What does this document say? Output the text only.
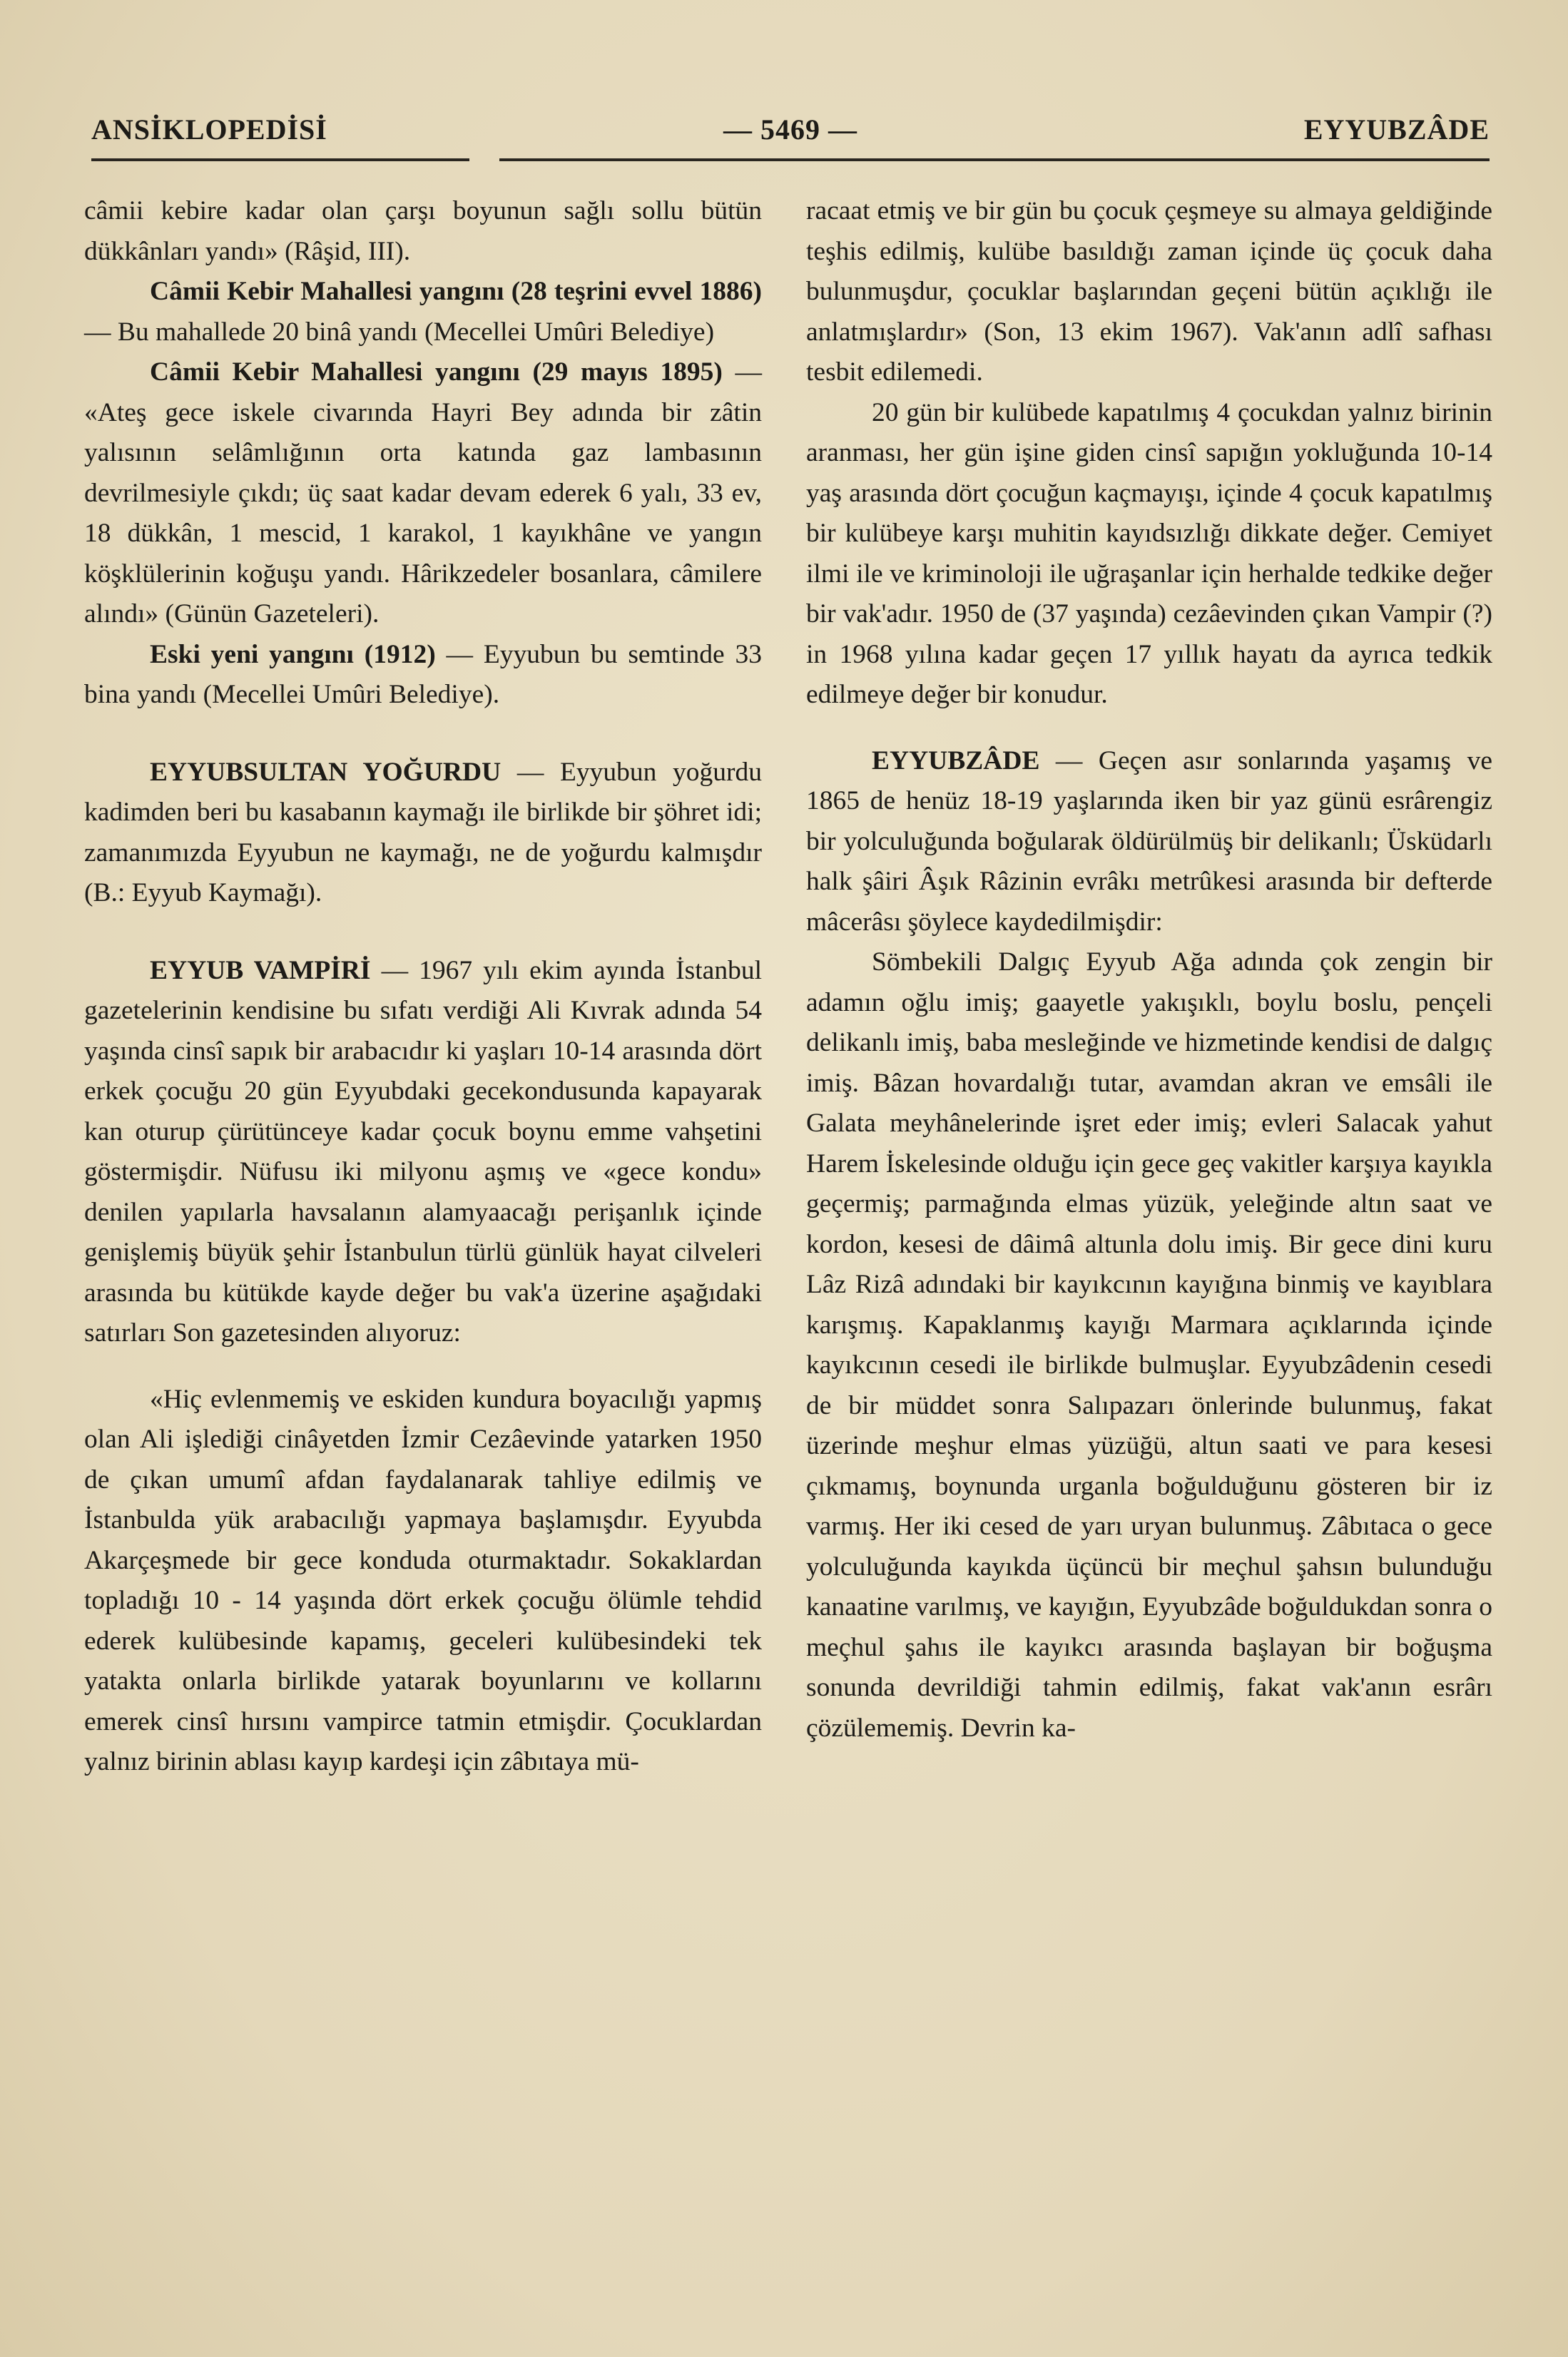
ANSİKLOPEDİSİ	— 5469 —	EYYUBZÂDE

câmii kebire kadar olan çarşı boyunun sağlı sollu bütün dükkânları yandı» (Râşid, III).

Câmii Kebir Mahallesi yangını (28 teşrini evvel 1886) — Bu mahallede 20 binâ yandı (Mecellei Umûri Belediye)

Câmii Kebir Mahallesi yangını (29 mayıs 1895) — «Ateş gece iskele civarında Hayri Bey adında bir zâtin yalısının selâmlığının orta katında gaz lambasının devrilmesiyle çıkdı; üç saat kadar devam ederek 6 yalı, 33 ev, 18 dükkân, 1 mescid, 1 karakol, 1 kayıkhâne ve yangın köşklülerinin koğuşu yandı. Hârikzedeler bosanlara, câmilere alındı» (Günün Gazeteleri).

Eski yeni yangını (1912) — Eyyubun bu semtinde 33 bina yandı (Mecellei Umûri Belediye).

EYYUBSULTAN YOĞURDU — Eyyubun yoğurdu kadimden beri bu kasabanın kaymağı ile birlikde bir şöhret idi; zamanımızda Eyyubun ne kaymağı, ne de yoğurdu kalmışdır (B.: Eyyub Kaymağı).

EYYUB VAMPİRİ — 1967 yılı ekim ayında İstanbul gazetelerinin kendisine bu sıfatı verdiği Ali Kıvrak adında 54 yaşında cinsî sapık bir arabacıdır ki yaşları 10-14 arasında dört erkek çocuğu 20 gün Eyyubdaki gecekondusunda kapayarak kan oturup çürütünceye kadar çocuk boynu emme vahşetini göstermişdir. Nüfusu iki milyonu aşmış ve «gece kondu» denilen yapılarla havsalanın alamyaacağı perişanlık içinde genişlemiş büyük şehir İstanbulun türlü günlük hayat cilveleri arasında bu kütükde kayde değer bu vak'a üzerine aşağıdaki satırları Son gazetesinden alıyoruz:

«Hiç evlenmemiş ve eskiden kundura boyacılığı yapmış olan Ali işlediği cinâyetden İzmir Cezâevinde yatarken 1950 de çıkan umumî afdan faydalanarak tahliye edilmiş ve İstanbulda yük arabacılığı yapmaya başlamışdır. Eyyubda Akarçeşmede bir gece konduda oturmaktadır. Sokaklardan topladığı 10 - 14 yaşında dört erkek çocuğu ölümle tehdid ederek kulübesinde kapamış, geceleri kulübesindeki tek yatakta onlarla birlikde yatarak boyunlarını ve kollarını emerek cinsî hırsını vampirce tatmin etmişdir. Çocuklardan yalnız birinin ablası kayıp kardeşi için zâbıtaya mü-

racaat etmiş ve bir gün bu çocuk çeşmeye su almaya geldiğinde teşhis edilmiş, kulübe basıldığı zaman içinde üç çocuk daha bulunmuşdur, çocuklar başlarından geçeni bütün açıklığı ile anlatmışlardır» (Son, 13 ekim 1967). Vak'anın adlî safhası tesbit edilemedi.

20 gün bir kulübede kapatılmış 4 çocukdan yalnız birinin aranması, her gün işine giden cinsî sapığın yokluğunda 10-14 yaş arasında dört çocuğun kaçmayışı, içinde 4 çocuk kapatılmış bir kulübeye karşı muhitin kayıdsızlığı dikkate değer. Cemiyet ilmi ile ve kriminoloji ile uğraşanlar için herhalde tedkike değer bir vak'adır. 1950 de (37 yaşında) cezâevinden çıkan Vampir (?) in 1968 yılına kadar geçen 17 yıllık hayatı da ayrıca tedkik edilmeye değer bir konudur.

EYYUBZÂDE — Geçen asır sonlarında yaşamış ve 1865 de henüz 18-19 yaşlarında iken bir yaz günü esrârengiz bir yolculuğunda boğularak öldürülmüş bir delikanlı; Üsküdarlı halk şâiri Âşık Râzinin evrâkı metrûkesi arasında bir defterde mâcerâsı şöylece kaydedilmişdir:

Sömbekili Dalgıç Eyyub Ağa adında çok zengin bir adamın oğlu imiş; gaayetle yakışıklı, boylu boslu, pençeli delikanlı imiş, baba mesleğinde ve hizmetinde kendisi de dalgıç imiş. Bâzan hovardalığı tutar, avamdan akran ve emsâli ile Galata meyhânelerinde işret eder imiş; evleri Salacak yahut Harem İskelesinde olduğu için gece geç vakitler karşıya kayıkla geçermiş; parmağında elmas yüzük, yeleğinde altın saat ve kordon, kesesi de dâimâ altunla dolu imiş. Bir gece dini kuru Lâz Rizâ adındaki bir kayıkcının kayığına binmiş ve kayıblara karışmış. Kapaklanmış kayığı Marmara açıklarında içinde kayıkcının cesedi ile birlikde bulmuşlar. Eyyubzâdenin cesedi de bir müddet sonra Salıpazarı önlerinde bulunmuş, fakat üzerinde meşhur elmas yüzüğü, altun saati ve para kesesi çıkmamış, boynunda urganla boğulduğunu gösteren bir iz varmış. Her iki cesed de yarı uryan bulunmuş. Zâbıtaca o gece yolculuğunda kayıkda üçüncü bir meçhul şahsın bulunduğu kanaatine varılmış, ve kayığın, Eyyubzâde boğuldukdan sonra o meçhul şahıs ile kayıkcı arasında başlayan bir boğuşma sonunda devrildiği tahmin edilmiş, fakat vak'anın esrârı çözülememiş. Devrin ka-
